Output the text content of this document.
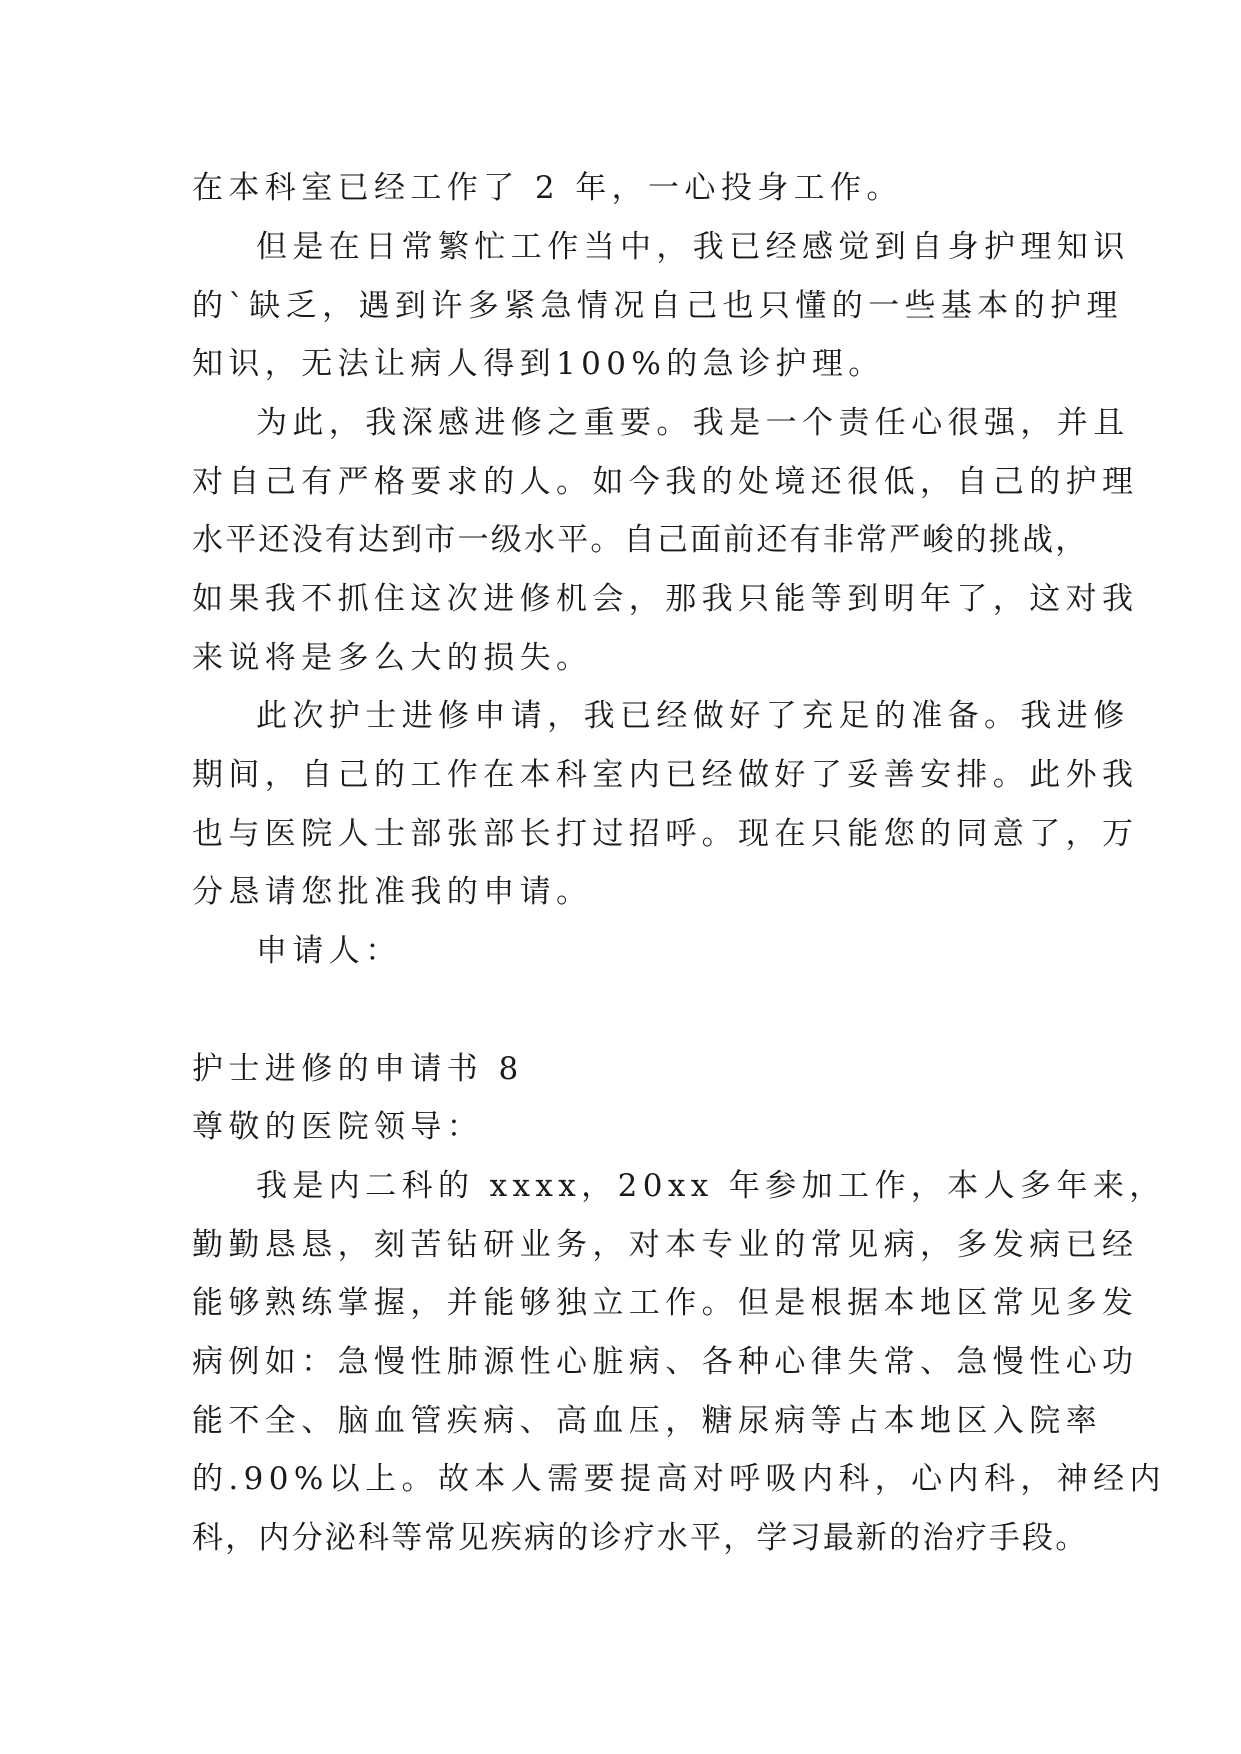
在本科室已经工作了 2 年，一心投身工作。

但是在日常繁忙工作当中，我已经感觉到自身护理知识

的`缺乏，遇到许多紧急情况自己也只懂的一些基本的护理

知识，无法让病人得到100%的急诊护理。

为此，我深感进修之重要。我是一个责任心很强，并且

对自己有严格要求的人。如今我的处境还很低，自己的护理

水平还没有达到市一级水平。自己面前还有非常严峻的挑战，

如果我不抓住这次进修机会，那我只能等到明年了，这对我

来说将是多么大的损失。

此次护士进修申请，我已经做好了充足的准备。我进修

期间，自己的工作在本科室内已经做好了妥善安排。此外我

也与医院人士部张部长打过招呼。现在只能您的同意了，万

分恳请您批准我的申请。

申请人：

护士进修的申请书 8

尊敬的医院领导：

我是内二科的 xxxx，20xx 年参加工作，本人多年来，

勤勤恳恳，刻苦钻研业务，对本专业的常见病，多发病已经

能够熟练掌握，并能够独立工作。但是根据本地区常见多发

病例如：急慢性肺源性心脏病、各种心律失常、急慢性心功

能不全、脑血管疾病、高血压，糖尿病等占本地区入院率

的.90%以上。故本人需要提高对呼吸内科，心内科，神经内

科，内分泌科等常见疾病的诊疗水平，学习最新的治疗手段。
